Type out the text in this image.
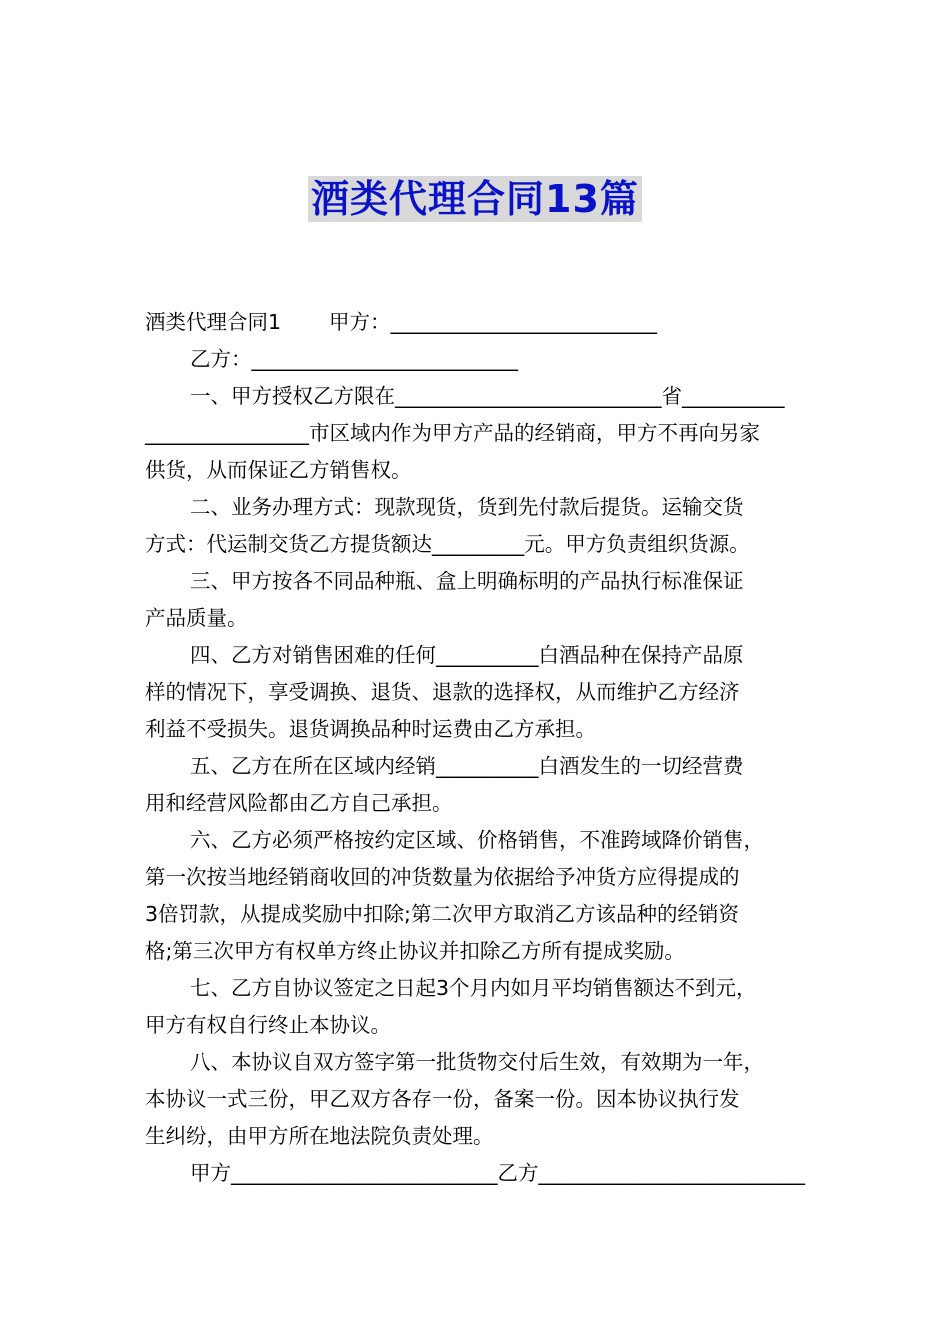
酒类代理合同13篇
酒类代理合同1 甲方：__________________________
乙方：__________________________
一、甲方授权乙方限在__________________________省__________
________________市区域内作为甲方产品的经销商，甲方不再向另家
供货，从而保证乙方销售权。
二、业务办理方式：现款现货，货到先付款后提货。运输交货
方式：代运制交货乙方提货额达_________元。甲方负责组织货源。
三、甲方按各不同品种瓶、盒上明确标明的产品执行标准保证
产品质量。
四、乙方对销售困难的任何__________白酒品种在保持产品原
样的情况下，享受调换、退货、退款的选择权，从而维护乙方经济
利益不受损失。退货调换品种时运费由乙方承担。
五、乙方在所在区域内经销__________白酒发生的一切经营费
用和经营风险都由乙方自己承担。
六、乙方必须严格按约定区域、价格销售，不准跨域降价销售，
第一次按当地经销商收回的冲货数量为依据给予冲货方应得提成的
3倍罚款，从提成奖励中扣除;第二次甲方取消乙方该品种的经销资
格;第三次甲方有权单方终止协议并扣除乙方所有提成奖励。
七、乙方自协议签定之日起3个月内如月平均销售额达不到元，
甲方有权自行终止本协议。
八、本协议自双方签字第一批货物交付后生效，有效期为一年，
本协议一式三份，甲乙双方各存一份，备案一份。因本协议执行发
生纠纷，由甲方所在地法院负责处理。
甲方__________________________乙方__________________________
